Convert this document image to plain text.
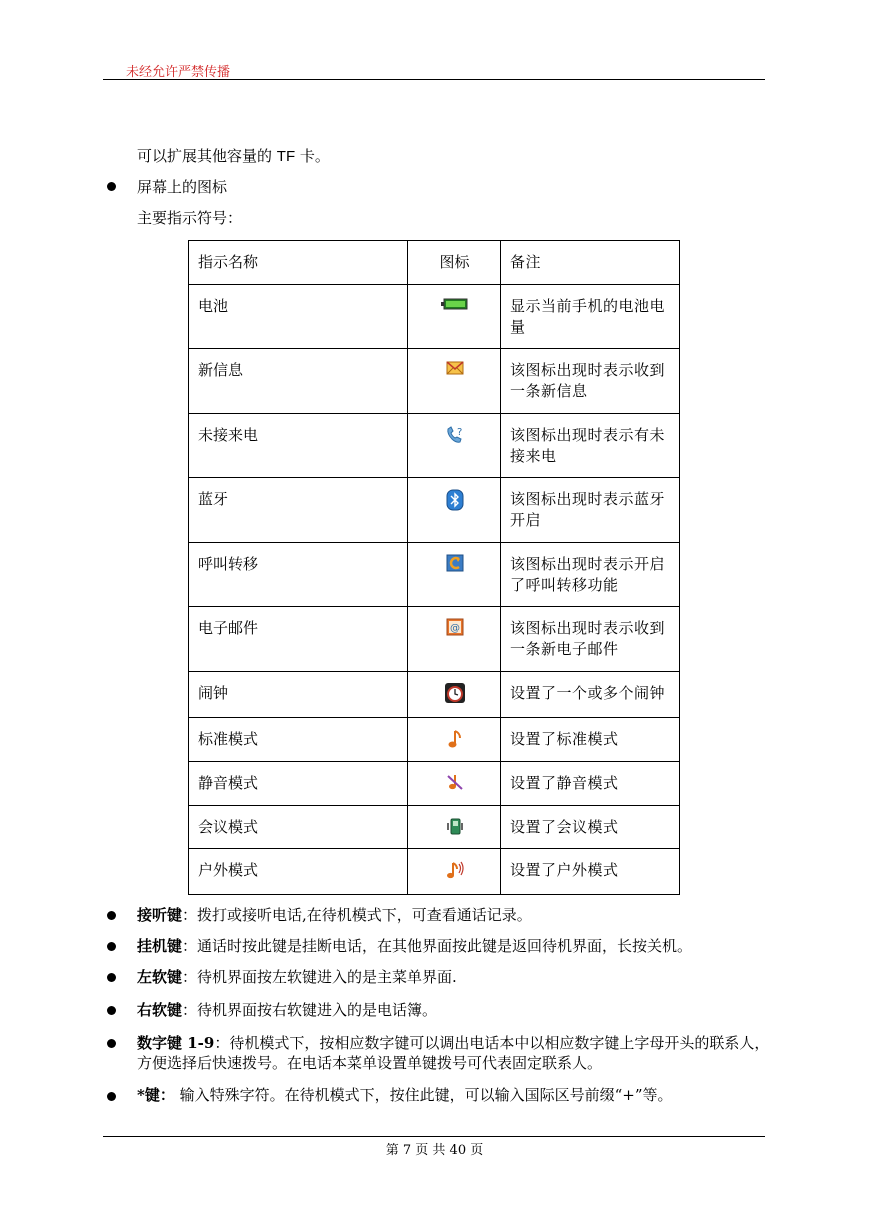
未经允许严禁传播
可以扩展其他容量的 TF 卡。
屏幕上的图标
主要指示符号：
指示名称	图标	备注
电池		显示当前手机的电池电量
新信息		该图标出现时表示收到一条新信息
未接来电	?	该图标出现时表示有未接来电
蓝牙		该图标出现时表示蓝牙开启
呼叫转移		该图标出现时表示开启了呼叫转移功能
电子邮件	@	该图标出现时表示收到一条新电子邮件
闹钟		设置了一个或多个闹钟
标准模式		设置了标准模式
静音模式		设置了静音模式
会议模式		设置了会议模式
户外模式		设置了户外模式
接听键：拨打或接听电话,在待机模式下，可查看通话记录。
挂机键：通话时按此键是挂断电话，在其他界面按此键是返回待机界面，长按关机。
左软键：待机界面按左软键进入的是主菜单界面.
右软键：待机界面按右软键进入的是电话簿。
数字键 1-9：待机模式下，按相应数字键可以调出电话本中以相应数字键上字母开头的联系人，方便选择后快速拨号。在电话本菜单设置单键拨号可代表固定联系人。
*键： 输入特殊字符。在待机模式下，按住此键，可以输入国际区号前缀“+”等。
第 7 页 共 40 页
